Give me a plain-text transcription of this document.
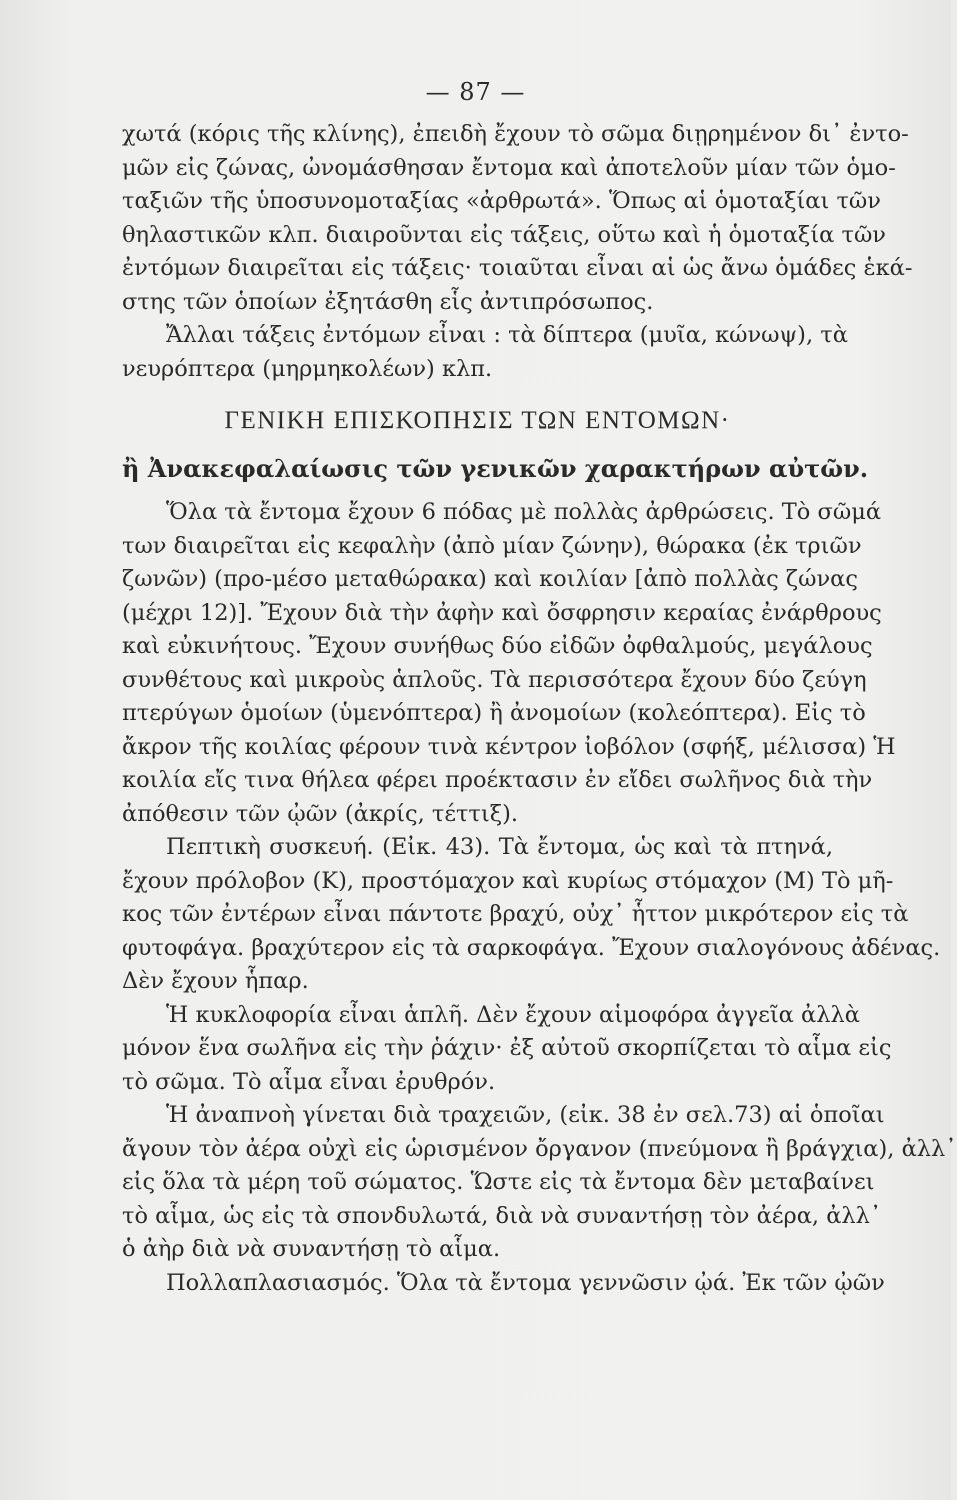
— 87 —
χωτά (κόρις τῆς κλίνης), ἐπειδὴ ἔχουν τὸ σῶμα διῃρημένον δι᾽ ἐντο-
μῶν εἰς ζώνας, ὠνομάσθησαν ἔντομα καὶ ἀποτελοῦν μίαν τῶν ὁμο-
ταξιῶν τῆς ὑποσυνομοταξίας «ἀρθρωτά». Ὅπως αἱ ὁμοταξίαι τῶν
θηλαστικῶν κλπ. διαιροῦνται εἰς τάξεις, οὕτω καὶ ἡ ὁμοταξία τῶν
ἐντόμων διαιρεῖται εἰς τάξεις· τοιαῦται εἶναι αἱ ὡς ἄνω ὁμάδες ἑκά-
στης τῶν ὁποίων ἐξητάσθη εἷς ἀντιπρόσωπος.
Ἄλλαι τάξεις ἐντόμων εἶναι : τὰ δίπτερα (μυῖα, κώνωψ), τὰ
νευρόπτερα (μηρμηκολέων) κλπ.
ΓΕΝΙΚΗ ΕΠΙΣΚΟΠΗΣΙΣ ΤΩΝ ΕΝΤΟΜΩΝ·
ἢ Ἀνακεφαλαίωσις τῶν γενικῶν χαρακτήρων αὐτῶν.
Ὅλα τὰ ἔντομα ἔχουν 6 πόδας μὲ πολλὰς ἀρθρώσεις. Τὸ σῶμά
των διαιρεῖται εἰς κεφαλὴν (ἀπὸ μίαν ζώνην), θώρακα (ἐκ τριῶν
ζωνῶν) (προ-μέσο μεταθώρακα) καὶ κοιλίαν [ἀπὸ πολλὰς ζώνας
(μέχρι 12)]. Ἔχουν διὰ τὴν ἀφὴν καὶ ὄσφρησιν κεραίας ἐνάρθρους
καὶ εὐκινήτους. Ἔχουν συνήθως δύο εἰδῶν ὀφθαλμούς, μεγάλους
συνθέτους καὶ μικροὺς ἁπλοῦς. Τὰ περισσότερα ἔχουν δύο ζεύγη
πτερύγων ὁμοίων (ὑμενόπτερα) ἢ ἀνομοίων (κολεόπτερα). Εἰς τὸ
ἄκρον τῆς κοιλίας φέρουν τινὰ κέντρον ἰοβόλον (σφήξ, μέλισσα) Ἡ
κοιλία εἴς τινα θήλεα φέρει προέκτασιν ἐν εἴδει σωλῆνος διὰ τὴν
ἀπόθεσιν τῶν ᾠῶν (ἀκρίς, τέττιξ).
Πεπτικὴ συσκευή. (Εἰκ. 43). Τὰ ἔντομα, ὡς καὶ τὰ πτηνά,
ἔχουν πρόλοβον (Κ), προστόμαχον καὶ κυρίως στόμαχον (Μ) Τὸ μῆ-
κος τῶν ἐντέρων εἶναι πάντοτε βραχύ, οὐχ᾽ ἧττον μικρότερον εἰς τὰ
φυτοφάγα. βραχύτερον εἰς τὰ σαρκοφάγα. Ἔχουν σιαλογόνους ἀδένας.
Δὲν ἔχουν ἧπαρ.
Ἡ κυκλοφορία εἶναι ἁπλῆ. Δὲν ἔχουν αἱμοφόρα ἀγγεῖα ἀλλὰ
μόνον ἕνα σωλῆνα εἰς τὴν ῥάχιν· ἐξ αὐτοῦ σκορπίζεται τὸ αἷμα εἰς
τὸ σῶμα. Τὸ αἷμα εἶναι ἐρυθρόν.
Ἡ ἀναπνοὴ γίνεται διὰ τραχειῶν, (εἰκ. 38 ἐν σελ.73) αἱ ὁποῖαι
ἄγουν τὸν ἀέρα οὐχὶ εἰς ὡρισμένον ὄργανον (πνεύμονα ἢ βράγχια), ἀλλ᾽
εἰς ὅλα τὰ μέρη τοῦ σώματος. Ὥστε εἰς τὰ ἔντομα δὲν μεταβαίνει
τὸ αἷμα, ὡς εἰς τὰ σπονδυλωτά, διὰ νὰ συναντήσῃ τὸν ἀέρα, ἀλλ᾽
ὁ ἀὴρ διὰ νὰ συναντήσῃ τὸ αἷμα.
Πολλαπλασιασμός. Ὅλα τὰ ἔντομα γεννῶσιν ᾠά. Ἐκ τῶν ᾠῶν
